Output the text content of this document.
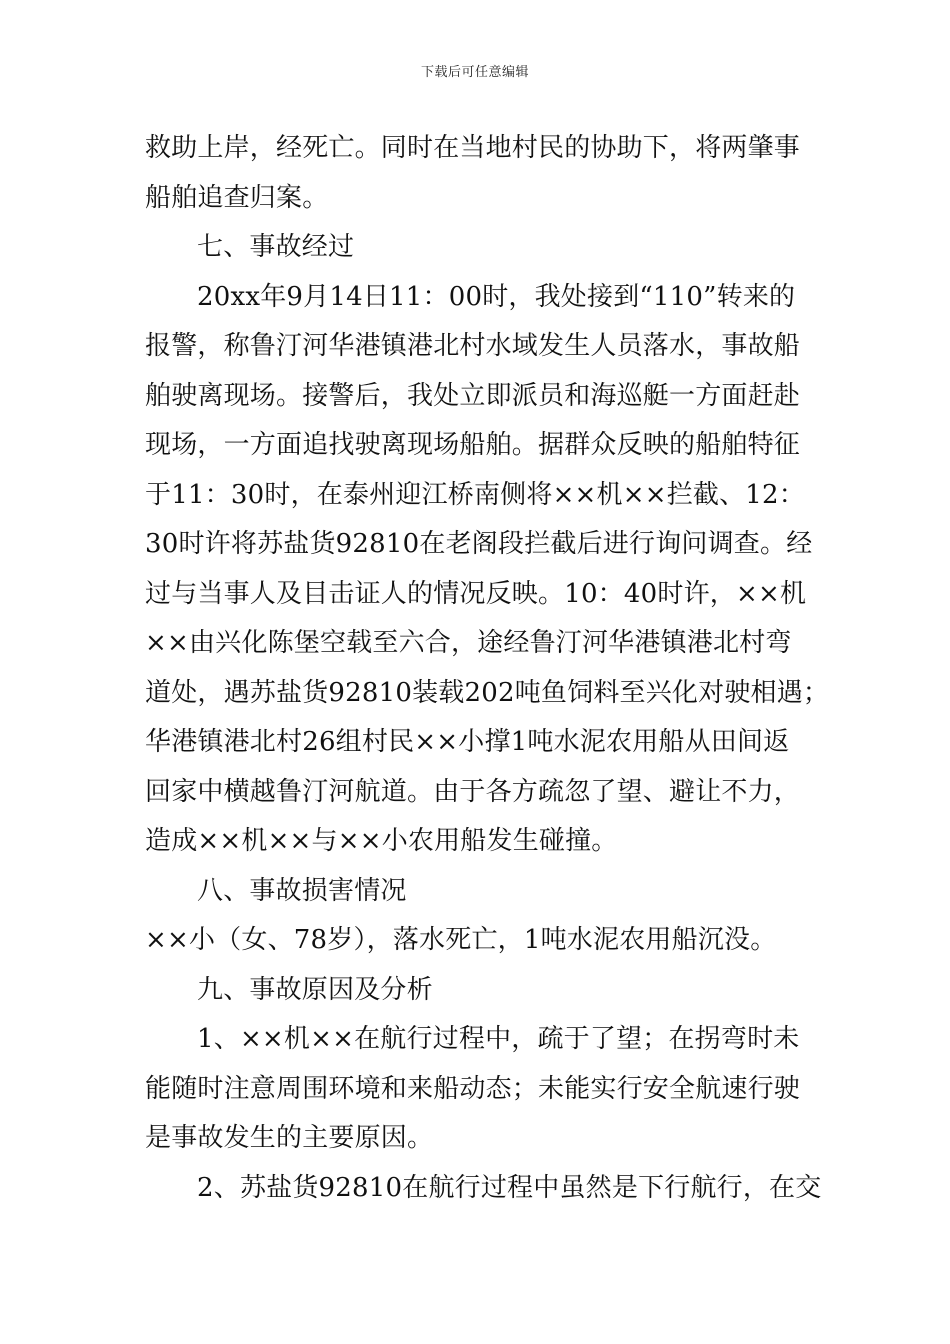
下载后可任意编辑
救助上岸，经死亡。同时在当地村民的协助下，将两肇事
船舶追查归案。
七、事故经过
20xx年9月14日11：00时，我处接到“110”转来的
报警，称鲁汀河华港镇港北村水域发生人员落水，事故船
舶驶离现场。接警后，我处立即派员和海巡艇一方面赶赴
现场，一方面追找驶离现场船舶。据群众反映的船舶特征
于11：30时，在泰州迎江桥南侧将××机××拦截、12：
30时许将苏盐货92810在老阁段拦截后进行询问调查。经
过与当事人及目击证人的情况反映。10：40时许，××机
××由兴化陈堡空载至六合，途经鲁汀河华港镇港北村弯
道处，遇苏盐货92810装载202吨鱼饲料至兴化对驶相遇；
华港镇港北村26组村民××小撑1吨水泥农用船从田间返
回家中横越鲁汀河航道。由于各方疏忽了望、避让不力，
造成××机××与××小农用船发生碰撞。
八、事故损害情况
××小（女、78岁），落水死亡，1吨水泥农用船沉没。
九、事故原因及分析
1、××机××在航行过程中，疏于了望；在拐弯时未
能随时注意周围环境和来船动态；未能实行安全航速行驶
是事故发生的主要原因。
2、苏盐货92810在航行过程中虽然是下行航行，在交
